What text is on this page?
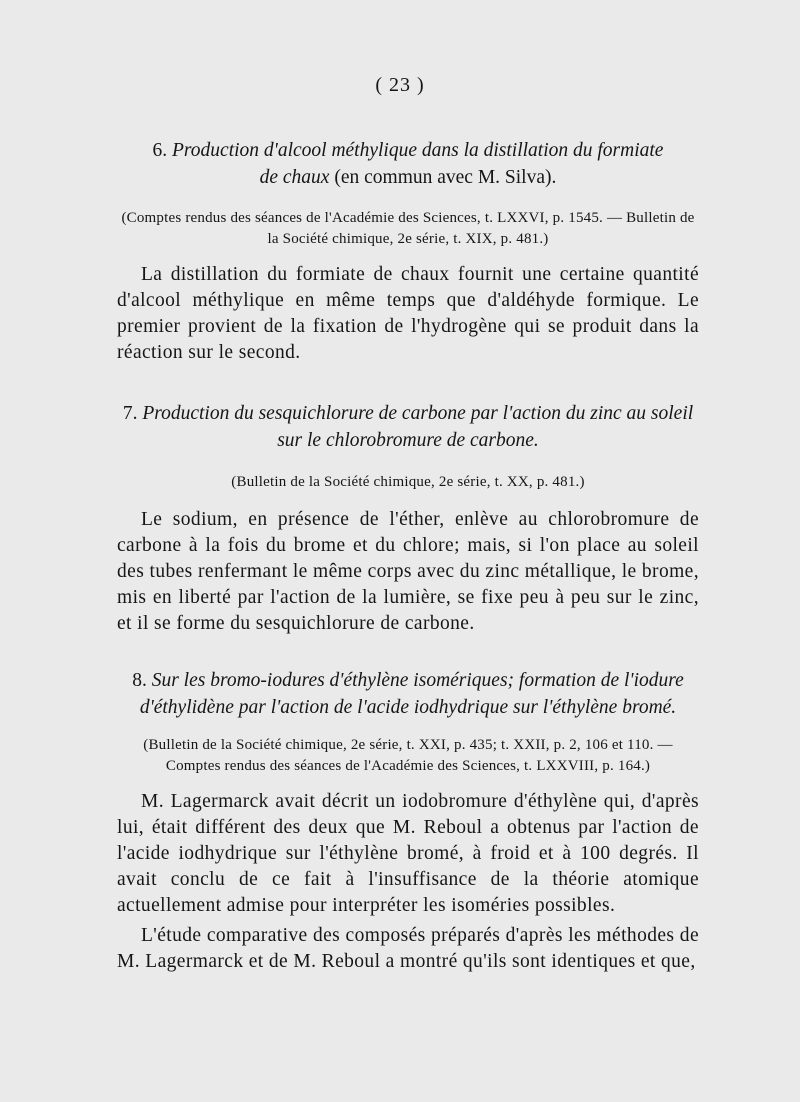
( 23 )
6. Production d'alcool méthylique dans la distillation du formiate
de chaux (en commun avec M. Silva).
(Comptes rendus des séances de l'Académie des Sciences, t. LXXVI, p. 1545. — Bulletin de la Société chimique, 2e série, t. XIX, p. 481.)

La distillation du formiate de chaux fournit une certaine quantité d'alcool méthylique en même temps que d'aldéhyde formique. Le premier provient de la fixation de l'hydrogène qui se produit dans la réaction sur le second.

7. Production du sesquichlorure de carbone par l'action du zinc au soleil sur le chlorobromure de carbone.
(Bulletin de la Société chimique, 2e série, t. XX, p. 481.)

Le sodium, en présence de l'éther, enlève au chlorobromure de carbone à la fois du brome et du chlore; mais, si l'on place au soleil des tubes renfermant le même corps avec du zinc métallique, le brome, mis en liberté par l'action de la lumière, se fixe peu à peu sur le zinc, et il se forme du sesquichlorure de carbone.

8. Sur les bromo-iodures d'éthylène isomériques; formation de l'iodure d'éthylidène par l'action de l'acide iodhydrique sur l'éthylène bromé.
(Bulletin de la Société chimique, 2e série, t. XXI, p. 435; t. XXII, p. 2, 106 et 110. — Comptes rendus des séances de l'Académie des Sciences, t. LXXVIII, p. 164.)

M. Lagermarck avait décrit un iodobromure d'éthylène qui, d'après lui, était différent des deux que M. Reboul a obtenus par l'action de l'acide iodhydrique sur l'éthylène bromé, à froid et à 100 degrés. Il avait conclu de ce fait à l'insuffisance de la théorie atomique actuellement admise pour interpréter les isoméries possibles.

L'étude comparative des composés préparés d'après les méthodes de M. Lagermarck et de M. Reboul a montré qu'ils sont identiques et que,
